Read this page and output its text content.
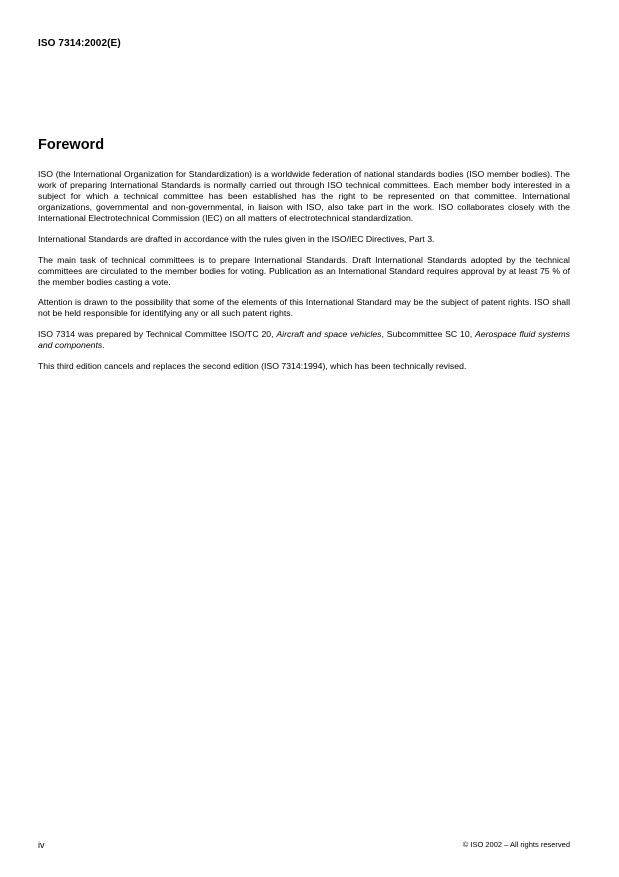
ISO 7314:2002(E)
Foreword

ISO (the International Organization for Standardization) is a worldwide federation of national standards bodies (ISO member bodies). The work of preparing International Standards is normally carried out through ISO technical committees. Each member body interested in a subject for which a technical committee has been established has the right to be represented on that committee. International organizations, governmental and non-governmental, in liaison with ISO, also take part in the work. ISO collaborates closely with the International Electrotechnical Commission (IEC) on all matters of electrotechnical standardization.

International Standards are drafted in accordance with the rules given in the ISO/IEC Directives, Part 3.

The main task of technical committees is to prepare International Standards. Draft International Standards adopted by the technical committees are circulated to the member bodies for voting. Publication as an International Standard requires approval by at least 75 % of the member bodies casting a vote.

Attention is drawn to the possibility that some of the elements of this International Standard may be the subject of patent rights. ISO shall not be held responsible for identifying any or all such patent rights.

ISO 7314 was prepared by Technical Committee ISO/TC 20, Aircraft and space vehicles, Subcommittee SC 10, Aerospace fluid systems and components.

This third edition cancels and replaces the second edition (ISO 7314:1994), which has been technically revised.

iv	© ISO 2002 – All rights reserved
